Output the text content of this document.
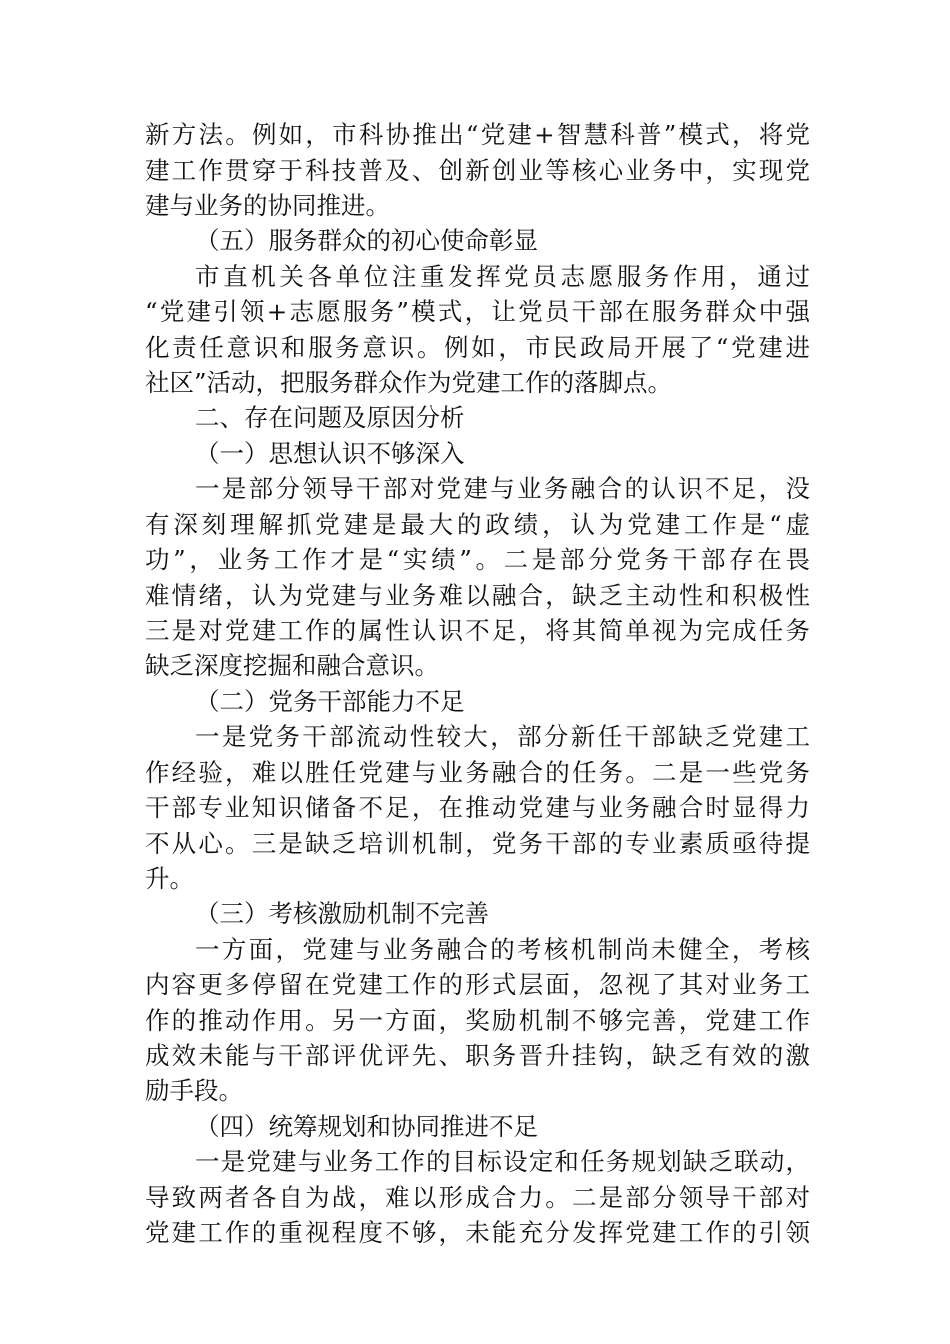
新方法。例如，市科协推出“党建+智慧科普”模式，将党
建工作贯穿于科技普及、创新创业等核心业务中，实现党
建与业务的协同推进。
（五）服务群众的初心使命彰显
市直机关各单位注重发挥党员志愿服务作用，通过
“党建引领+志愿服务”模式，让党员干部在服务群众中强
化责任意识和服务意识。例如，市民政局开展了“党建进
社区”活动，把服务群众作为党建工作的落脚点。
二、存在问题及原因分析
（一）思想认识不够深入
一是部分领导干部对党建与业务融合的认识不足，没
有深刻理解抓党建是最大的政绩，认为党建工作是“虚
功”，业务工作才是“实绩”。二是部分党务干部存在畏
难情绪，认为党建与业务难以融合，缺乏主动性和积极性
三是对党建工作的属性认识不足，将其简单视为完成任务
缺乏深度挖掘和融合意识。
（二）党务干部能力不足
一是党务干部流动性较大，部分新任干部缺乏党建工
作经验，难以胜任党建与业务融合的任务。二是一些党务
干部专业知识储备不足，在推动党建与业务融合时显得力
不从心。三是缺乏培训机制，党务干部的专业素质亟待提
升。
（三）考核激励机制不完善
一方面，党建与业务融合的考核机制尚未健全，考核
内容更多停留在党建工作的形式层面，忽视了其对业务工
作的推动作用。另一方面，奖励机制不够完善，党建工作
成效未能与干部评优评先、职务晋升挂钩，缺乏有效的激
励手段。
（四）统筹规划和协同推进不足
一是党建与业务工作的目标设定和任务规划缺乏联动，
导致两者各自为战，难以形成合力。二是部分领导干部对
党建工作的重视程度不够，未能充分发挥党建工作的引领
